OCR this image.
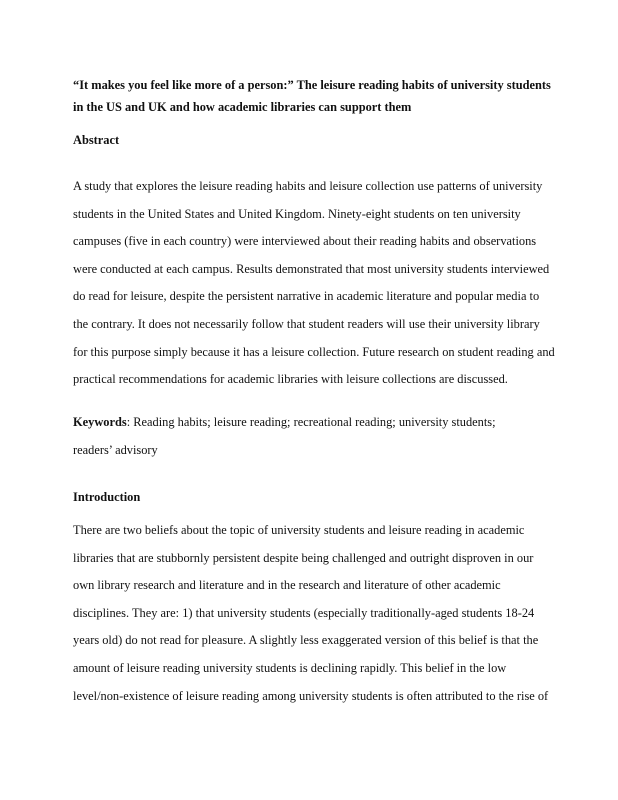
“It makes you feel like more of a person:” The leisure reading habits of university students
in the US and UK and how academic libraries can support them
Abstract
A study that explores the leisure reading habits and leisure collection use patterns of university
students in the United States and United Kingdom. Ninety-eight students on ten university
campuses (five in each country) were interviewed about their reading habits and observations
were conducted at each campus. Results demonstrated that most university students interviewed
do read for leisure, despite the persistent narrative in academic literature and popular media to
the contrary. It does not necessarily follow that student readers will use their university library
for this purpose simply because it has a leisure collection. Future research on student reading and
practical recommendations for academic libraries with leisure collections are discussed.
Keywords: Reading habits; leisure reading; recreational reading; university students;
readers’ advisory
Introduction
There are two beliefs about the topic of university students and leisure reading in academic
libraries that are stubbornly persistent despite being challenged and outright disproven in our
own library research and literature and in the research and literature of other academic
disciplines. They are: 1) that university students (especially traditionally-aged students 18-24
years old) do not read for pleasure. A slightly less exaggerated version of this belief is that the
amount of leisure reading university students is declining rapidly. This belief in the low
level/non-existence of leisure reading among university students is often attributed to the rise of
